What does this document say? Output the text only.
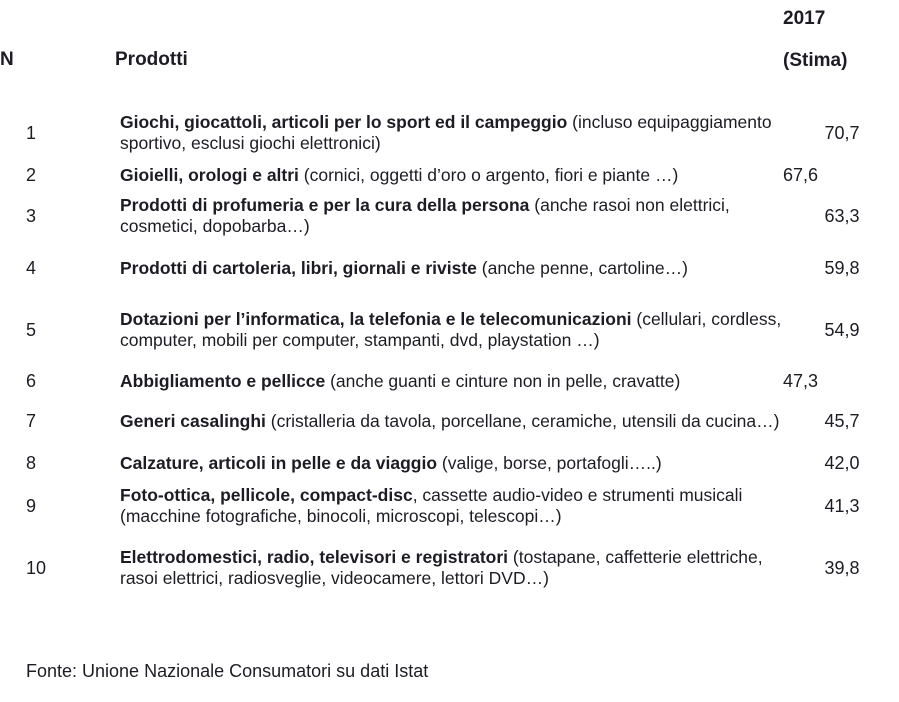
		2017
N	Prodotti	(Stima)

1	Giochi, giocattoli, articoli per lo sport ed il campeggio (incluso equipaggiamento sportivo, esclusi giochi elettronici)	70,7
2	Gioielli, orologi e altri (cornici, oggetti d’oro o argento, fiori e piante …)	67,6
3	Prodotti di profumeria e per la cura della persona (anche rasoi non elettrici, cosmetici, dopobarba…)	63,3
4	Prodotti di cartoleria, libri, giornali e riviste (anche penne, cartoline…)	59,8
5	Dotazioni per l’informatica, la telefonia e le telecomunicazioni (cellulari, cordless, computer, mobili per computer, stampanti, dvd, playstation …)	54,9
6	Abbigliamento e pellicce (anche guanti e cinture non in pelle, cravatte)	47,3
7	Generi casalinghi (cristalleria da tavola, porcellane, ceramiche, utensili da cucina…)	45,7
8	Calzature, articoli in pelle e da viaggio (valige, borse, portafogli…..)	42,0
9	Foto-ottica, pellicole, compact-disc, cassette audio-video e strumenti musicali (macchine fotografiche, binocoli, microscopi, telescopi…)	41,3
10	Elettrodomestici, radio, televisori e registratori (tostapane, caffetterie elettriche, rasoi elettrici, radiosveglie, videocamere, lettori DVD…)	39,8
Fonte: Unione Nazionale Consumatori su dati Istat
